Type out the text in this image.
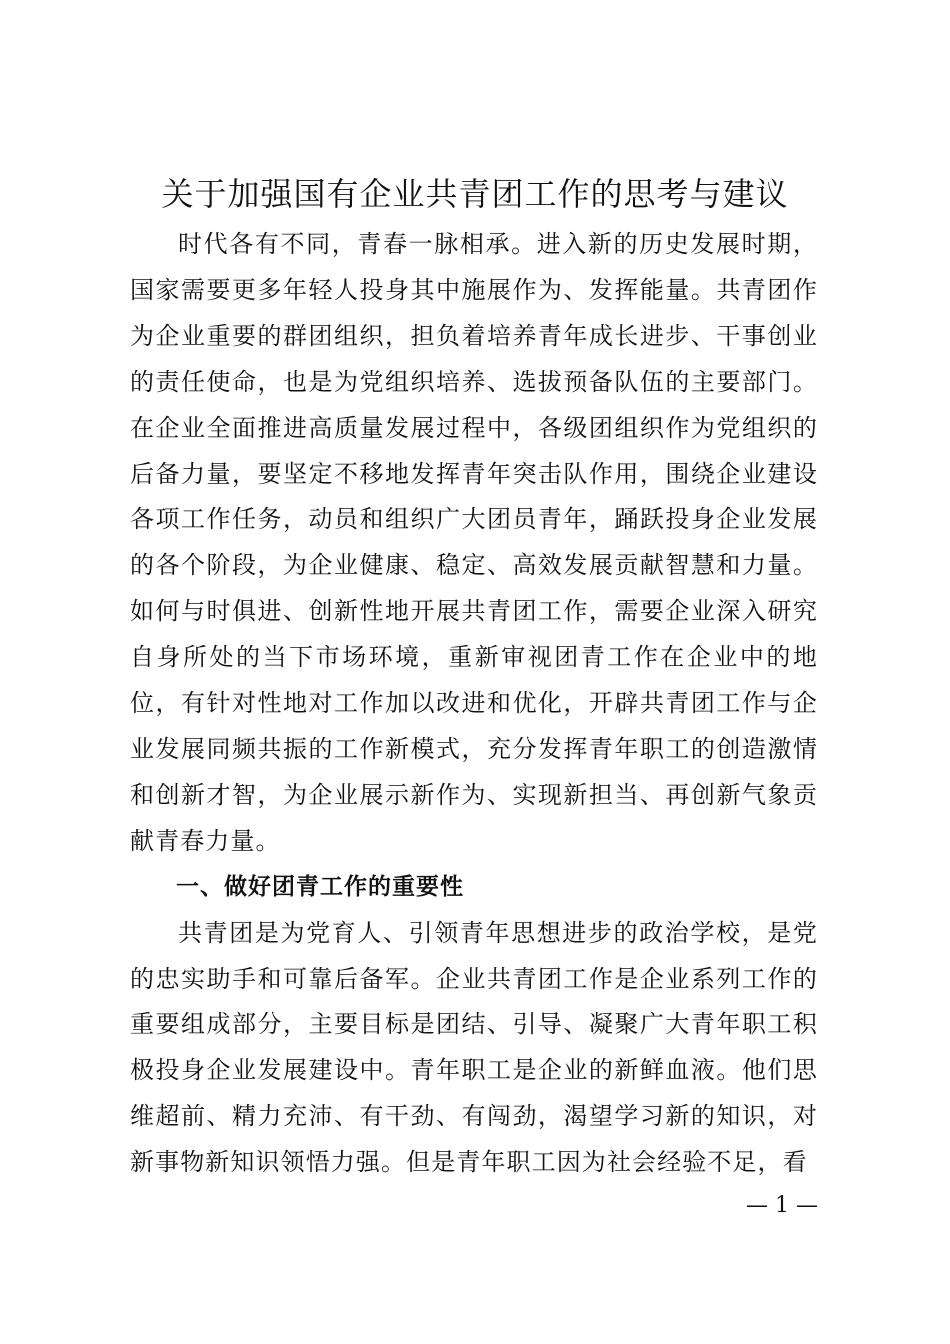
关于加强国有企业共青团工作的思考与建议

时代各有不同，青春一脉相承。进入新的历史发展时期，国家需要更多年轻人投身其中施展作为、发挥能量。共青团作为企业重要的群团组织，担负着培养青年成长进步、干事创业的责任使命，也是为党组织培养、选拔预备队伍的主要部门。在企业全面推进高质量发展过程中，各级团组织作为党组织的后备力量，要坚定不移地发挥青年突击队作用，围绕企业建设各项工作任务，动员和组织广大团员青年，踊跃投身企业发展的各个阶段，为企业健康、稳定、高效发展贡献智慧和力量。如何与时俱进、创新性地开展共青团工作，需要企业深入研究自身所处的当下市场环境，重新审视团青工作在企业中的地位，有针对性地对工作加以改进和优化，开辟共青团工作与企业发展同频共振的工作新模式，充分发挥青年职工的创造激情和创新才智，为企业展示新作为、实现新担当、再创新气象贡献青春力量。

一、做好团青工作的重要性

共青团是为党育人、引领青年思想进步的政治学校，是党的忠实助手和可靠后备军。企业共青团工作是企业系列工作的重要组成部分，主要目标是团结、引导、凝聚广大青年职工积极投身企业发展建设中。青年职工是企业的新鲜血液。他们思维超前、精力充沛、有干劲、有闯劲，渴望学习新的知识，对新事物新知识领悟力强。但是青年职工因为社会经验不足，看

— 1 —
